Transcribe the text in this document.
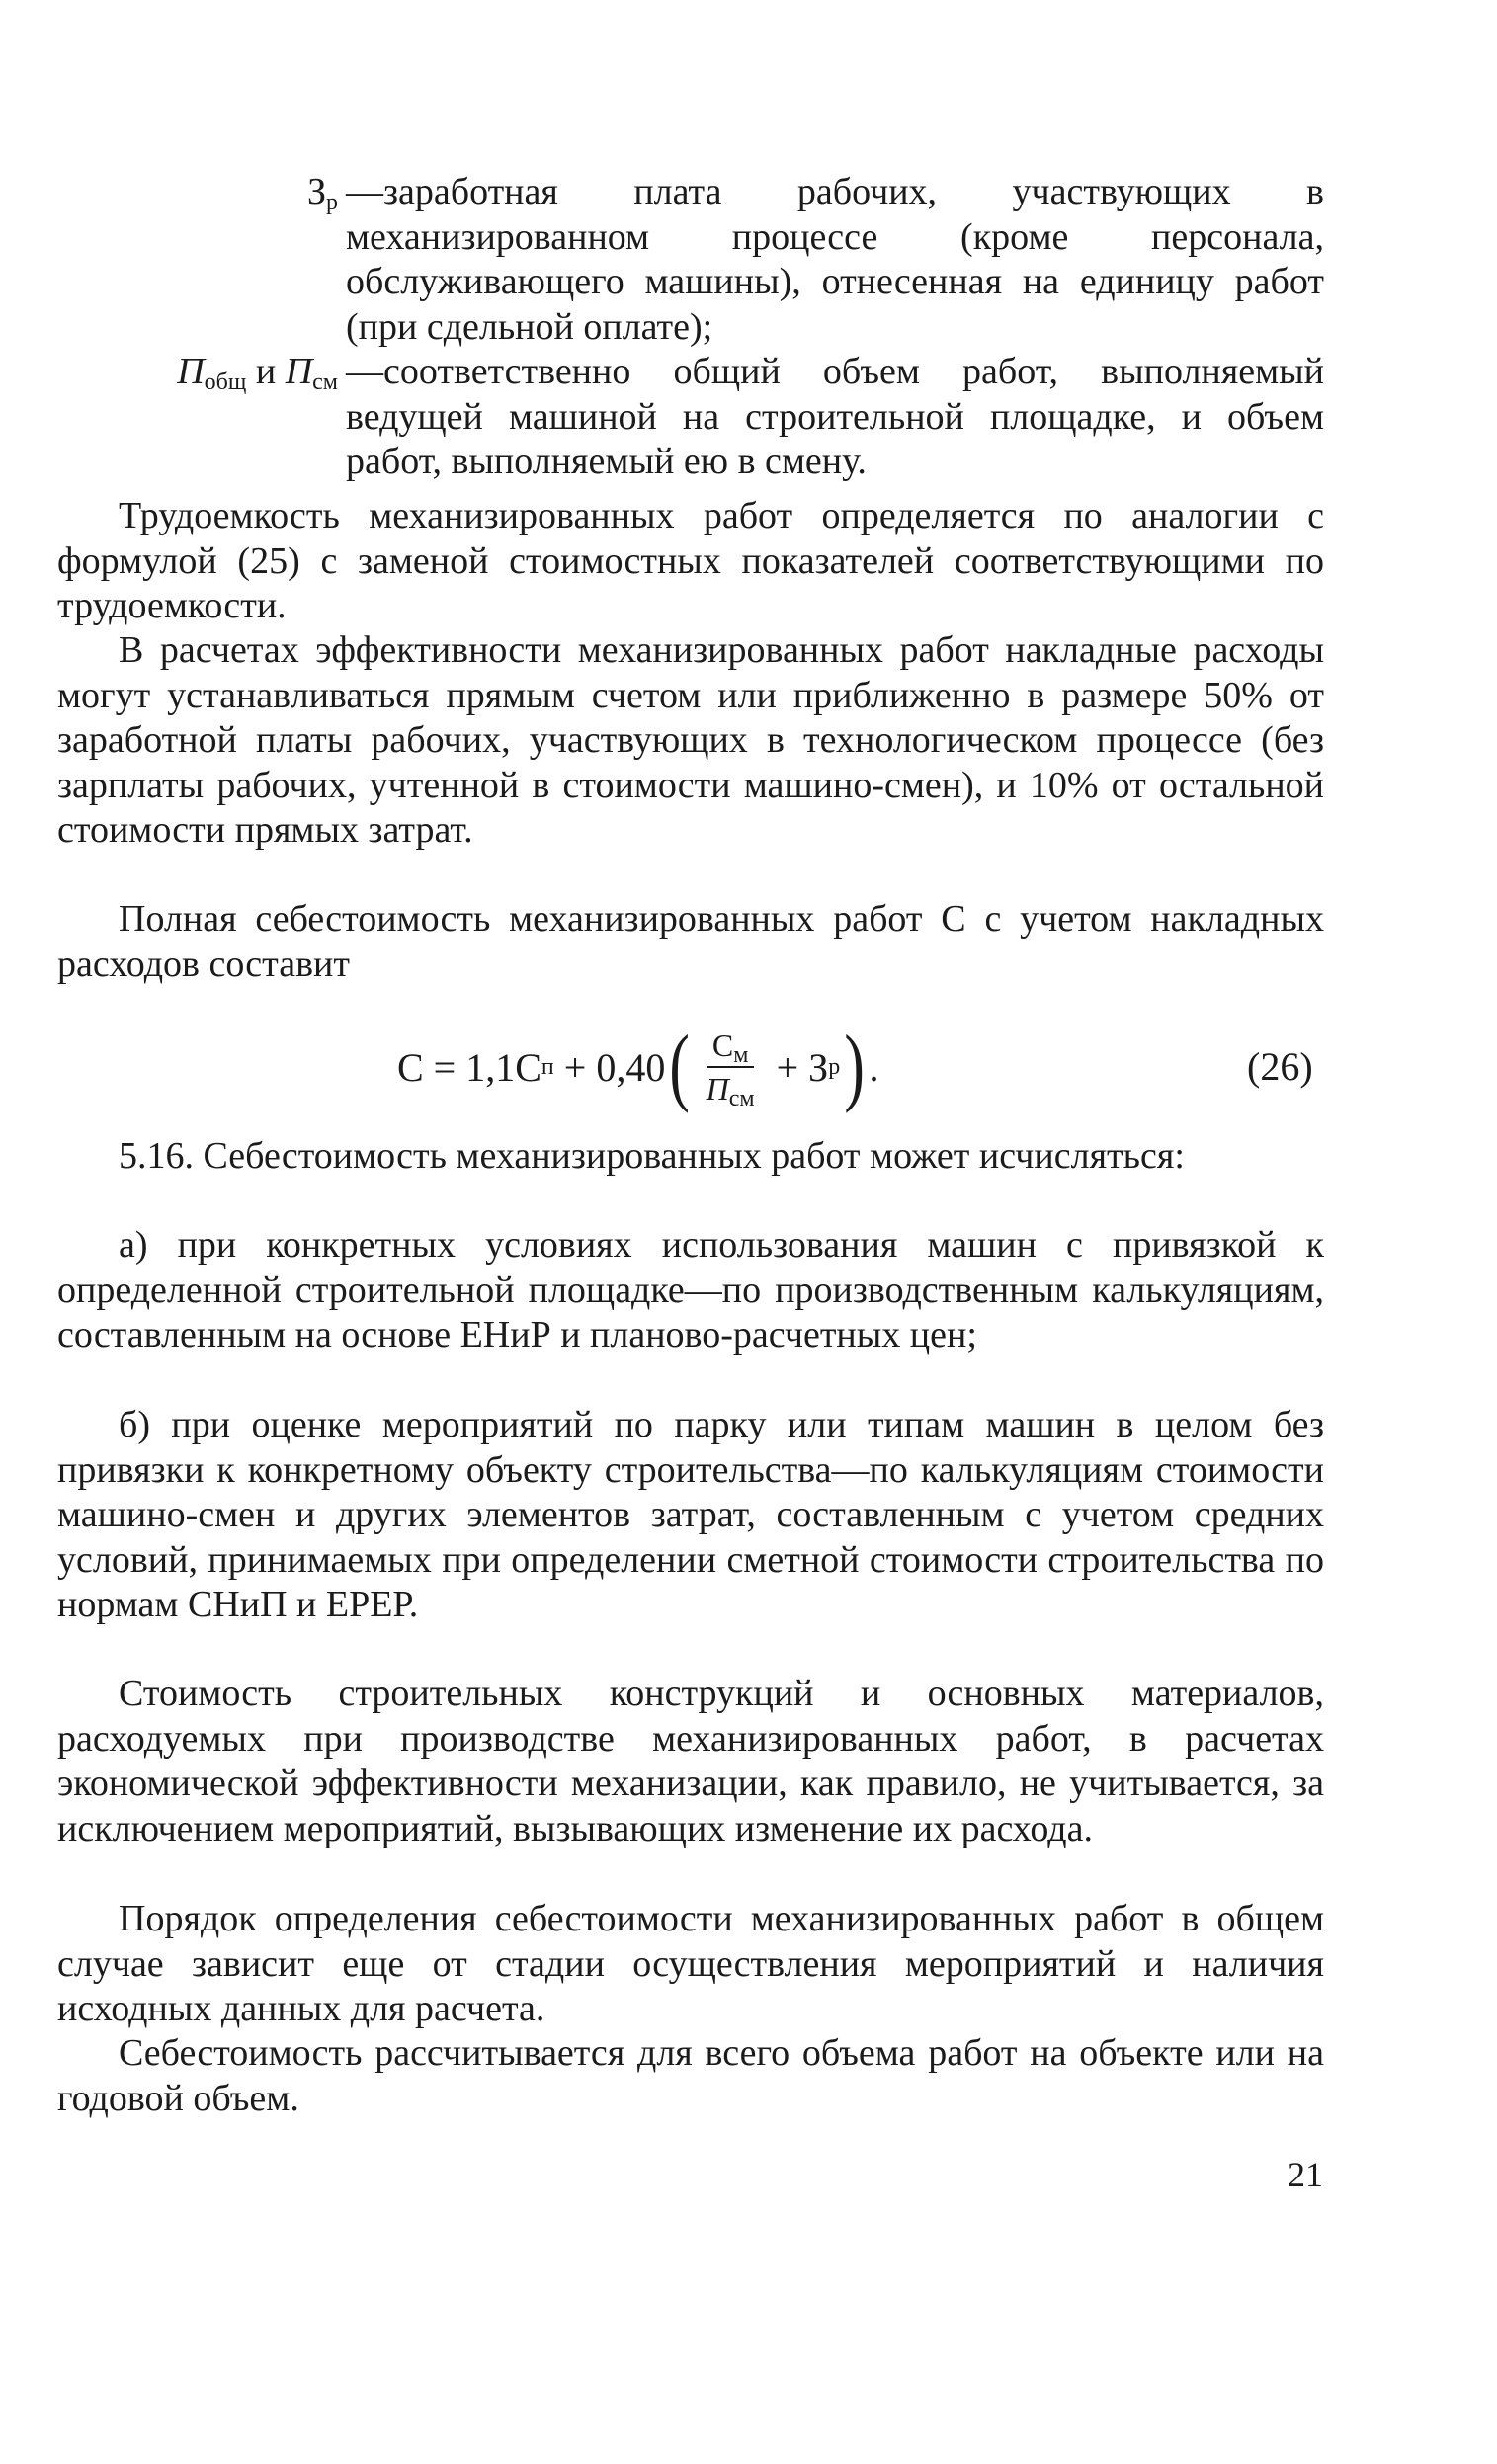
$З_р$ —заработная плата рабочих, участвующих в механизированном процессе (кроме персонала, обслуживающего машины), отнесенная на единицу работ (при сдельной оплате);
$П_{общ}$ и $П_{см}$ —соответственно общий объем работ, выполняемый ведущей машиной на строительной площадке, и объем работ, выполняемый ею в смену.

Трудоемкость механизированных работ определяется по аналогии с формулой (25) с заменой стоимостных показателей соответствующими по трудоемкости.

В расчетах эффективности механизированных работ накладные расходы могут устанавливаться прямым счетом или приближенно в размере 50% от заработной платы рабочих, участвующих в технологическом процессе (без зарплаты рабочих, учтенной в стоимости машино-смен), и 10% от остальной стоимости прямых затрат.

Полная себестоимость механизированных работ С с учетом накладных расходов составит

С = 1,1С п + 0,40 ( $\frac{С_м}{П_{см}} + З$ р ) .	(26)

5.16. Себестоимость механизированных работ может исчисляться:

а) при конкретных условиях использования машин с привязкой к определенной строительной площадке—по производственным калькуляциям, составленным на основе ЕНиР и планово-расчетных цен;

б) при оценке мероприятий по парку или типам машин в целом без привязки к конкретному объекту строительства—по калькуляциям стоимости машино-смен и других элементов затрат, составленным с учетом средних условий, принимаемых при определении сметной стоимости строительства по нормам СНиП и ЕРЕР.

Стоимость строительных конструкций и основных материалов, расходуемых при производстве механизированных работ, в расчетах экономической эффективности механизации, как правило, не учитывается, за исключением мероприятий, вызывающих изменение их расхода.

Порядок определения себестоимости механизированных работ в общем случае зависит еще от стадии осуществления мероприятий и наличия исходных данных для расчета.

Себестоимость рассчитывается для всего объема работ на объекте или на годовой объем.

21
